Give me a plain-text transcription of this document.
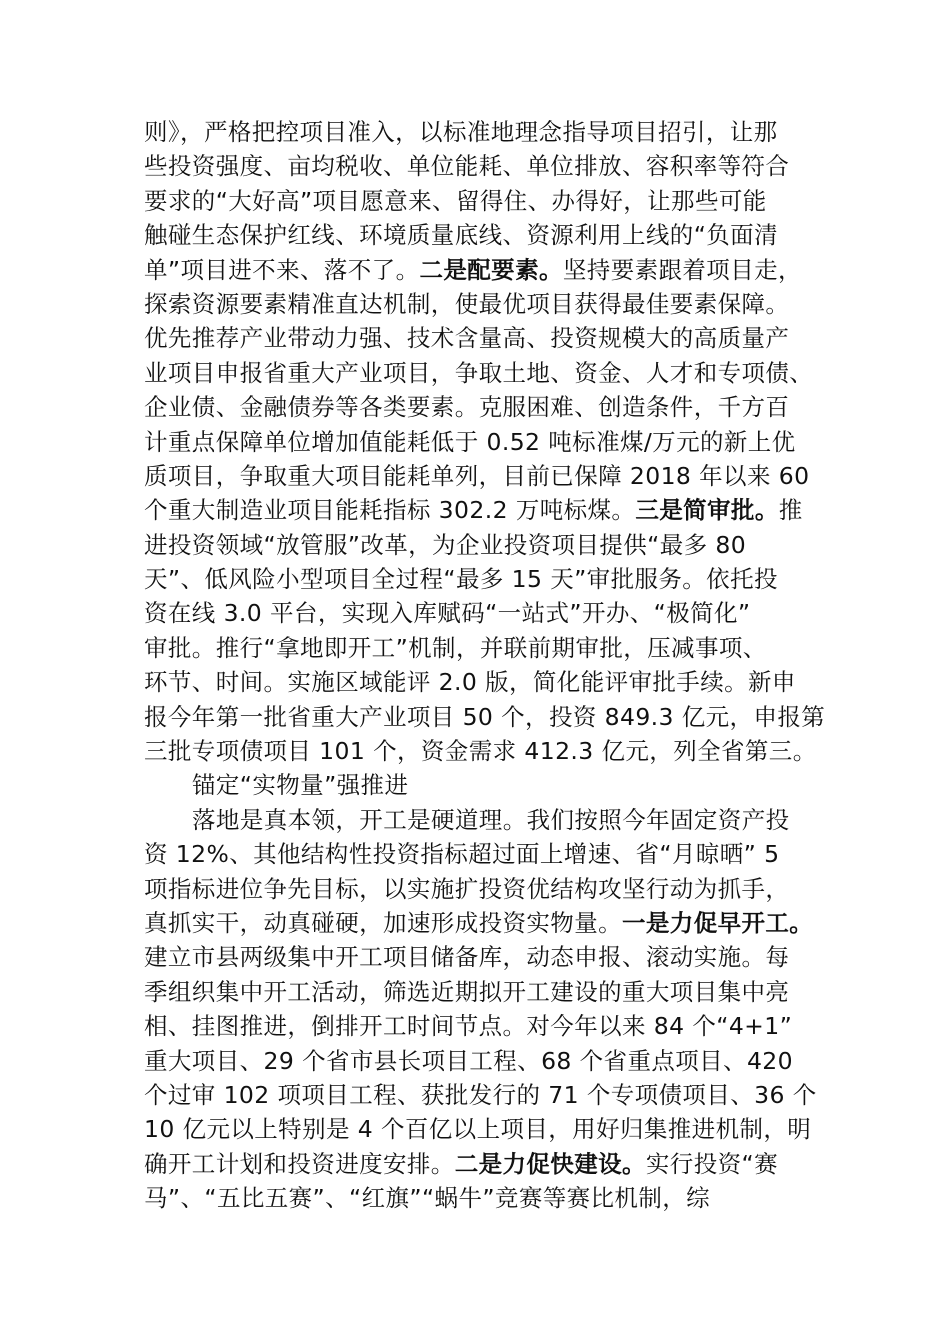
则》，严格把控项目准入，以标准地理念指导项目招引，让那
些投资强度、亩均税收、单位能耗、单位排放、容积率等符合
要求的“大好高”项目愿意来、留得住、办得好，让那些可能
触碰生态保护红线、环境质量底线、资源利用上线的“负面清
单”项目进不来、落不了。二是配要素。坚持要素跟着项目走，
探索资源要素精准直达机制，使最优项目获得最佳要素保障。
优先推荐产业带动力强、技术含量高、投资规模大的高质量产
业项目申报省重大产业项目，争取土地、资金、人才和专项债、
企业债、金融债券等各类要素。克服困难、创造条件，千方百
计重点保障单位增加值能耗低于 0.52 吨标准煤/万元的新上优
质项目，争取重大项目能耗单列，目前已保障 2018 年以来 60
个重大制造业项目能耗指标 302.2 万吨标煤。三是简审批。推
进投资领域“放管服”改革，为企业投资项目提供“最多 80
天”、低风险小型项目全过程“最多 15 天”审批服务。依托投
资在线 3.0 平台，实现入库赋码“一站式”开办、“极简化”
审批。推行“拿地即开工”机制，并联前期审批，压减事项、
环节、时间。实施区域能评 2.0 版，简化能评审批手续。新申
报今年第一批省重大产业项目 50 个，投资 849.3 亿元，申报第
三批专项债项目 101 个，资金需求 412.3 亿元，列全省第三。
锚定“实物量”强推进
落地是真本领，开工是硬道理。我们按照今年固定资产投
资 12%、其他结构性投资指标超过面上增速、省“月晾晒” 5
项指标进位争先目标，以实施扩投资优结构攻坚行动为抓手，
真抓实干，动真碰硬，加速形成投资实物量。一是力促早开工。
建立市县两级集中开工项目储备库，动态申报、滚动实施。每
季组织集中开工活动，筛选近期拟开工建设的重大项目集中亮
相、挂图推进，倒排开工时间节点。对今年以来 84 个“4+1”
重大项目、29 个省市县长项目工程、68 个省重点项目、420
个过审 102 项项目工程、获批发行的 71 个专项债项目、36 个
10 亿元以上特别是 4 个百亿以上项目，用好归集推进机制，明
确开工计划和投资进度安排。二是力促快建设。实行投资“赛
马”、“五比五赛”、“红旗”“蜗牛”竞赛等赛比机制，综
